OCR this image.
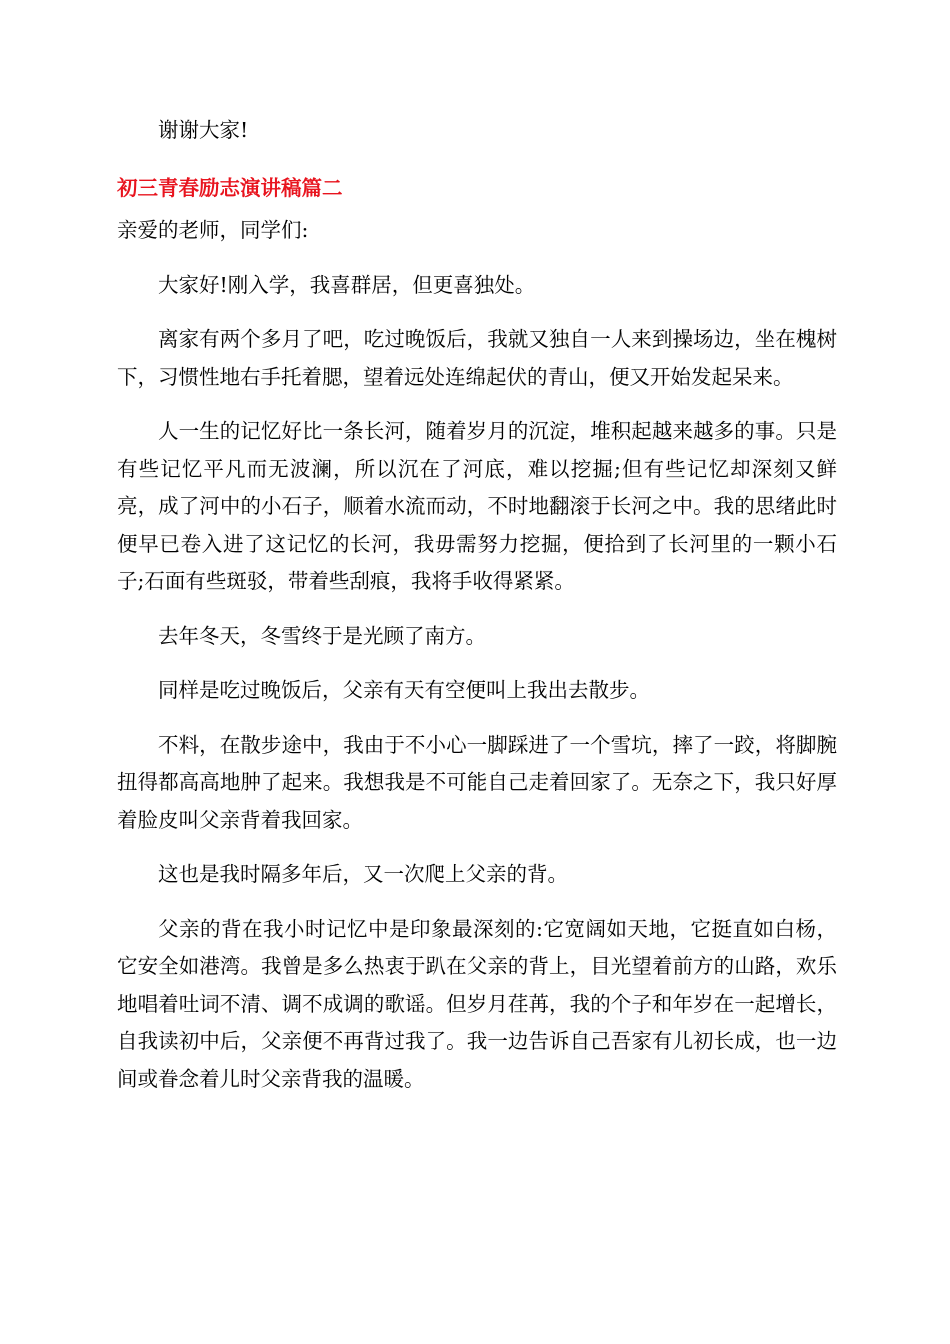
谢谢大家!

初三青春励志演讲稿篇二

亲爱的老师，同学们:

大家好!刚入学，我喜群居，但更喜独处。

离家有两个多月了吧，吃过晚饭后，我就又独自一人来到操场边，坐在槐树下，习惯性地右手托着腮，望着远处连绵起伏的青山，便又开始发起呆来。

人一生的记忆好比一条长河，随着岁月的沉淀，堆积起越来越多的事。只是有些记忆平凡而无波澜，所以沉在了河底，难以挖掘;但有些记忆却深刻又鲜亮，成了河中的小石子，顺着水流而动，不时地翻滚于长河之中。我的思绪此时便早已卷入进了这记忆的长河，我毋需努力挖掘，便拾到了长河里的一颗小石子;石面有些斑驳，带着些刮痕，我将手收得紧紧。

去年冬天，冬雪终于是光顾了南方。

同样是吃过晚饭后，父亲有天有空便叫上我出去散步。

不料，在散步途中，我由于不小心一脚踩进了一个雪坑，摔了一跤，将脚腕扭得都高高地肿了起来。我想我是不可能自己走着回家了。无奈之下，我只好厚着脸皮叫父亲背着我回家。

这也是我时隔多年后，又一次爬上父亲的背。

父亲的背在我小时记忆中是印象最深刻的:它宽阔如天地，它挺直如白杨，它安全如港湾。我曾是多么热衷于趴在父亲的背上，目光望着前方的山路，欢乐地唱着吐词不清、调不成调的歌谣。但岁月荏苒，我的个子和年岁在一起增长，自我读初中后，父亲便不再背过我了。我一边告诉自己吾家有儿初长成，也一边间或眷念着儿时父亲背我的温暖。
